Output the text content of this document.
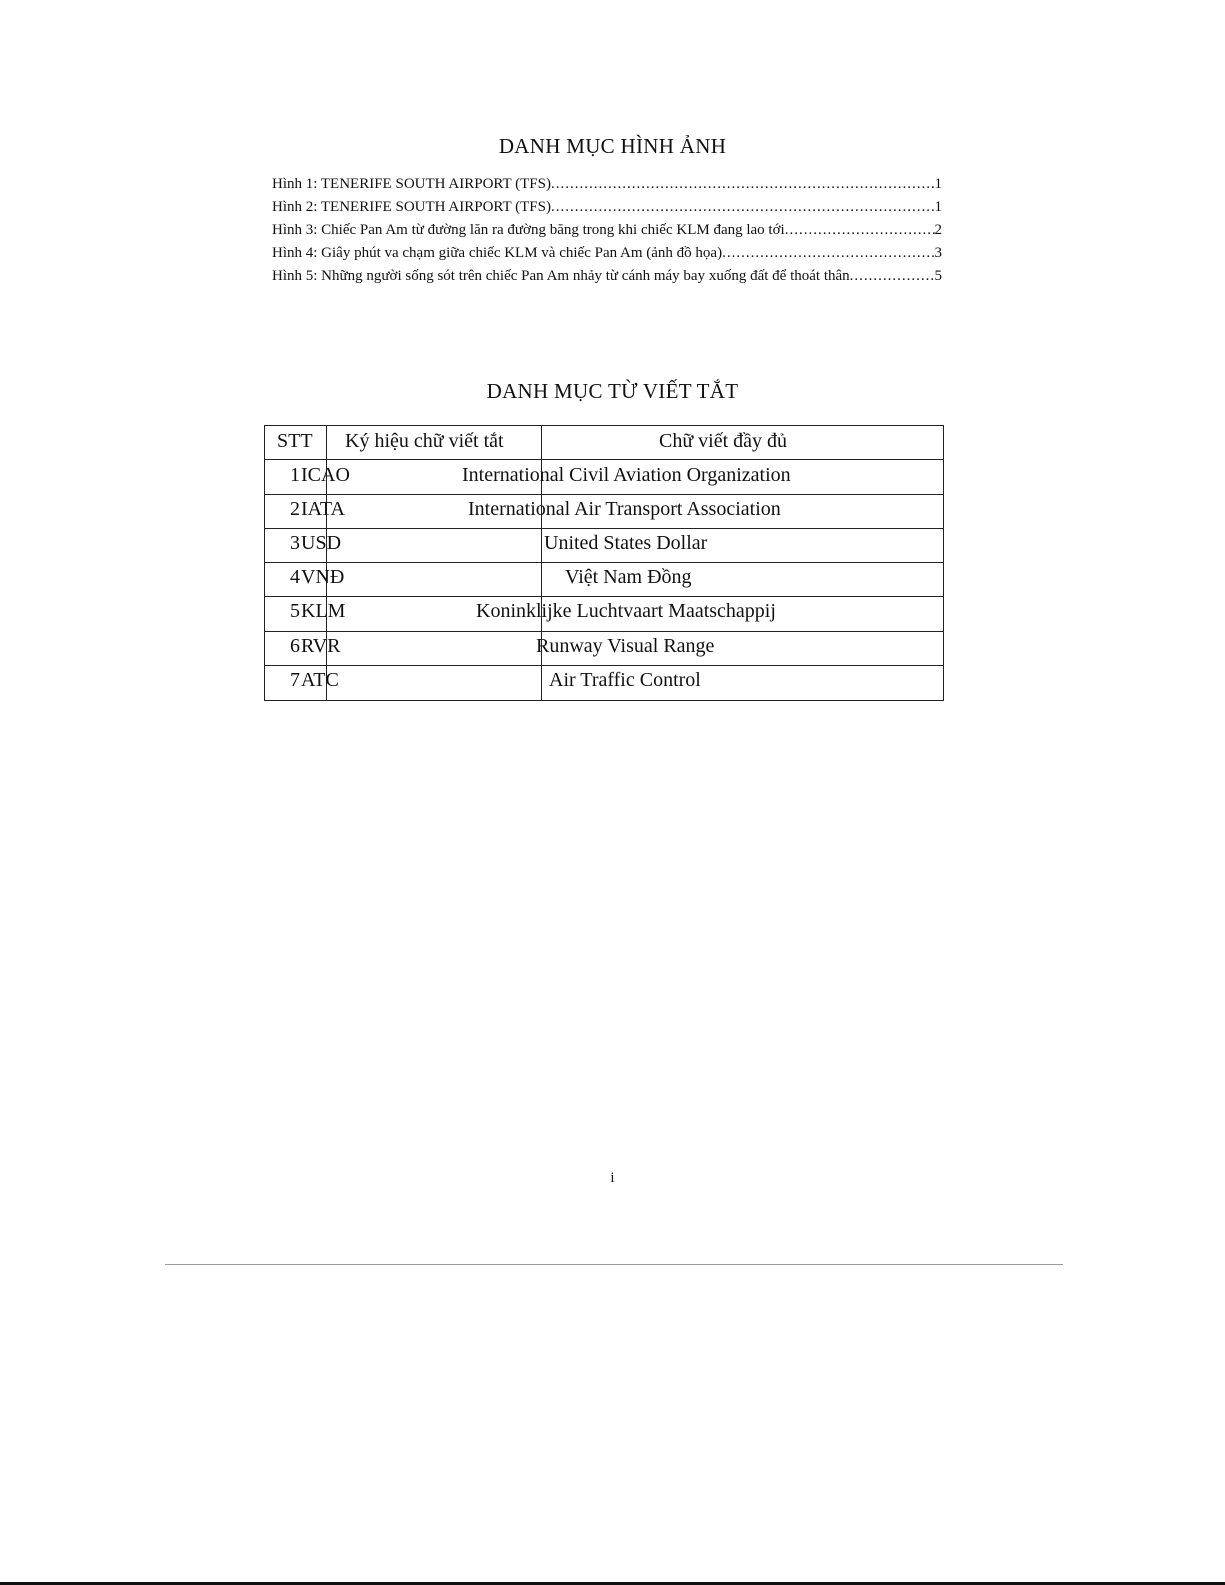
DANH MỤC HÌNH ẢNH
Hình 1: TENERIFE SOUTH AIRPORT (TFS) .....	1
Hình 2: TENERIFE SOUTH AIRPORT (TFS) .....	1
Hình 3: Chiếc Pan Am từ đường lăn ra đường băng trong khi chiếc KLM đang lao tới .....	2
Hình 4: Giây phút va chạm giữa chiếc KLM và chiếc Pan Am (ảnh đồ họa) .....	3
Hình 5: Những người sống sót trên chiếc Pan Am nhảy từ cánh máy bay xuống đất để thoát thân .....	5
DANH MỤC TỪ VIẾT TẮT
STT Ký hiệu chữ viết tắt	Chữ viết đầy đủ
1 ICAO	International Civil Aviation Organization
2 IATA	International Air Transport Association
3 USD	United States Dollar
4 VNĐ	Việt Nam Đồng
5 KLM	Koninklijke Luchtvaart Maatschappij
6 RVR	Runway Visual Range
7 ATC	Air Traffic Control
i
